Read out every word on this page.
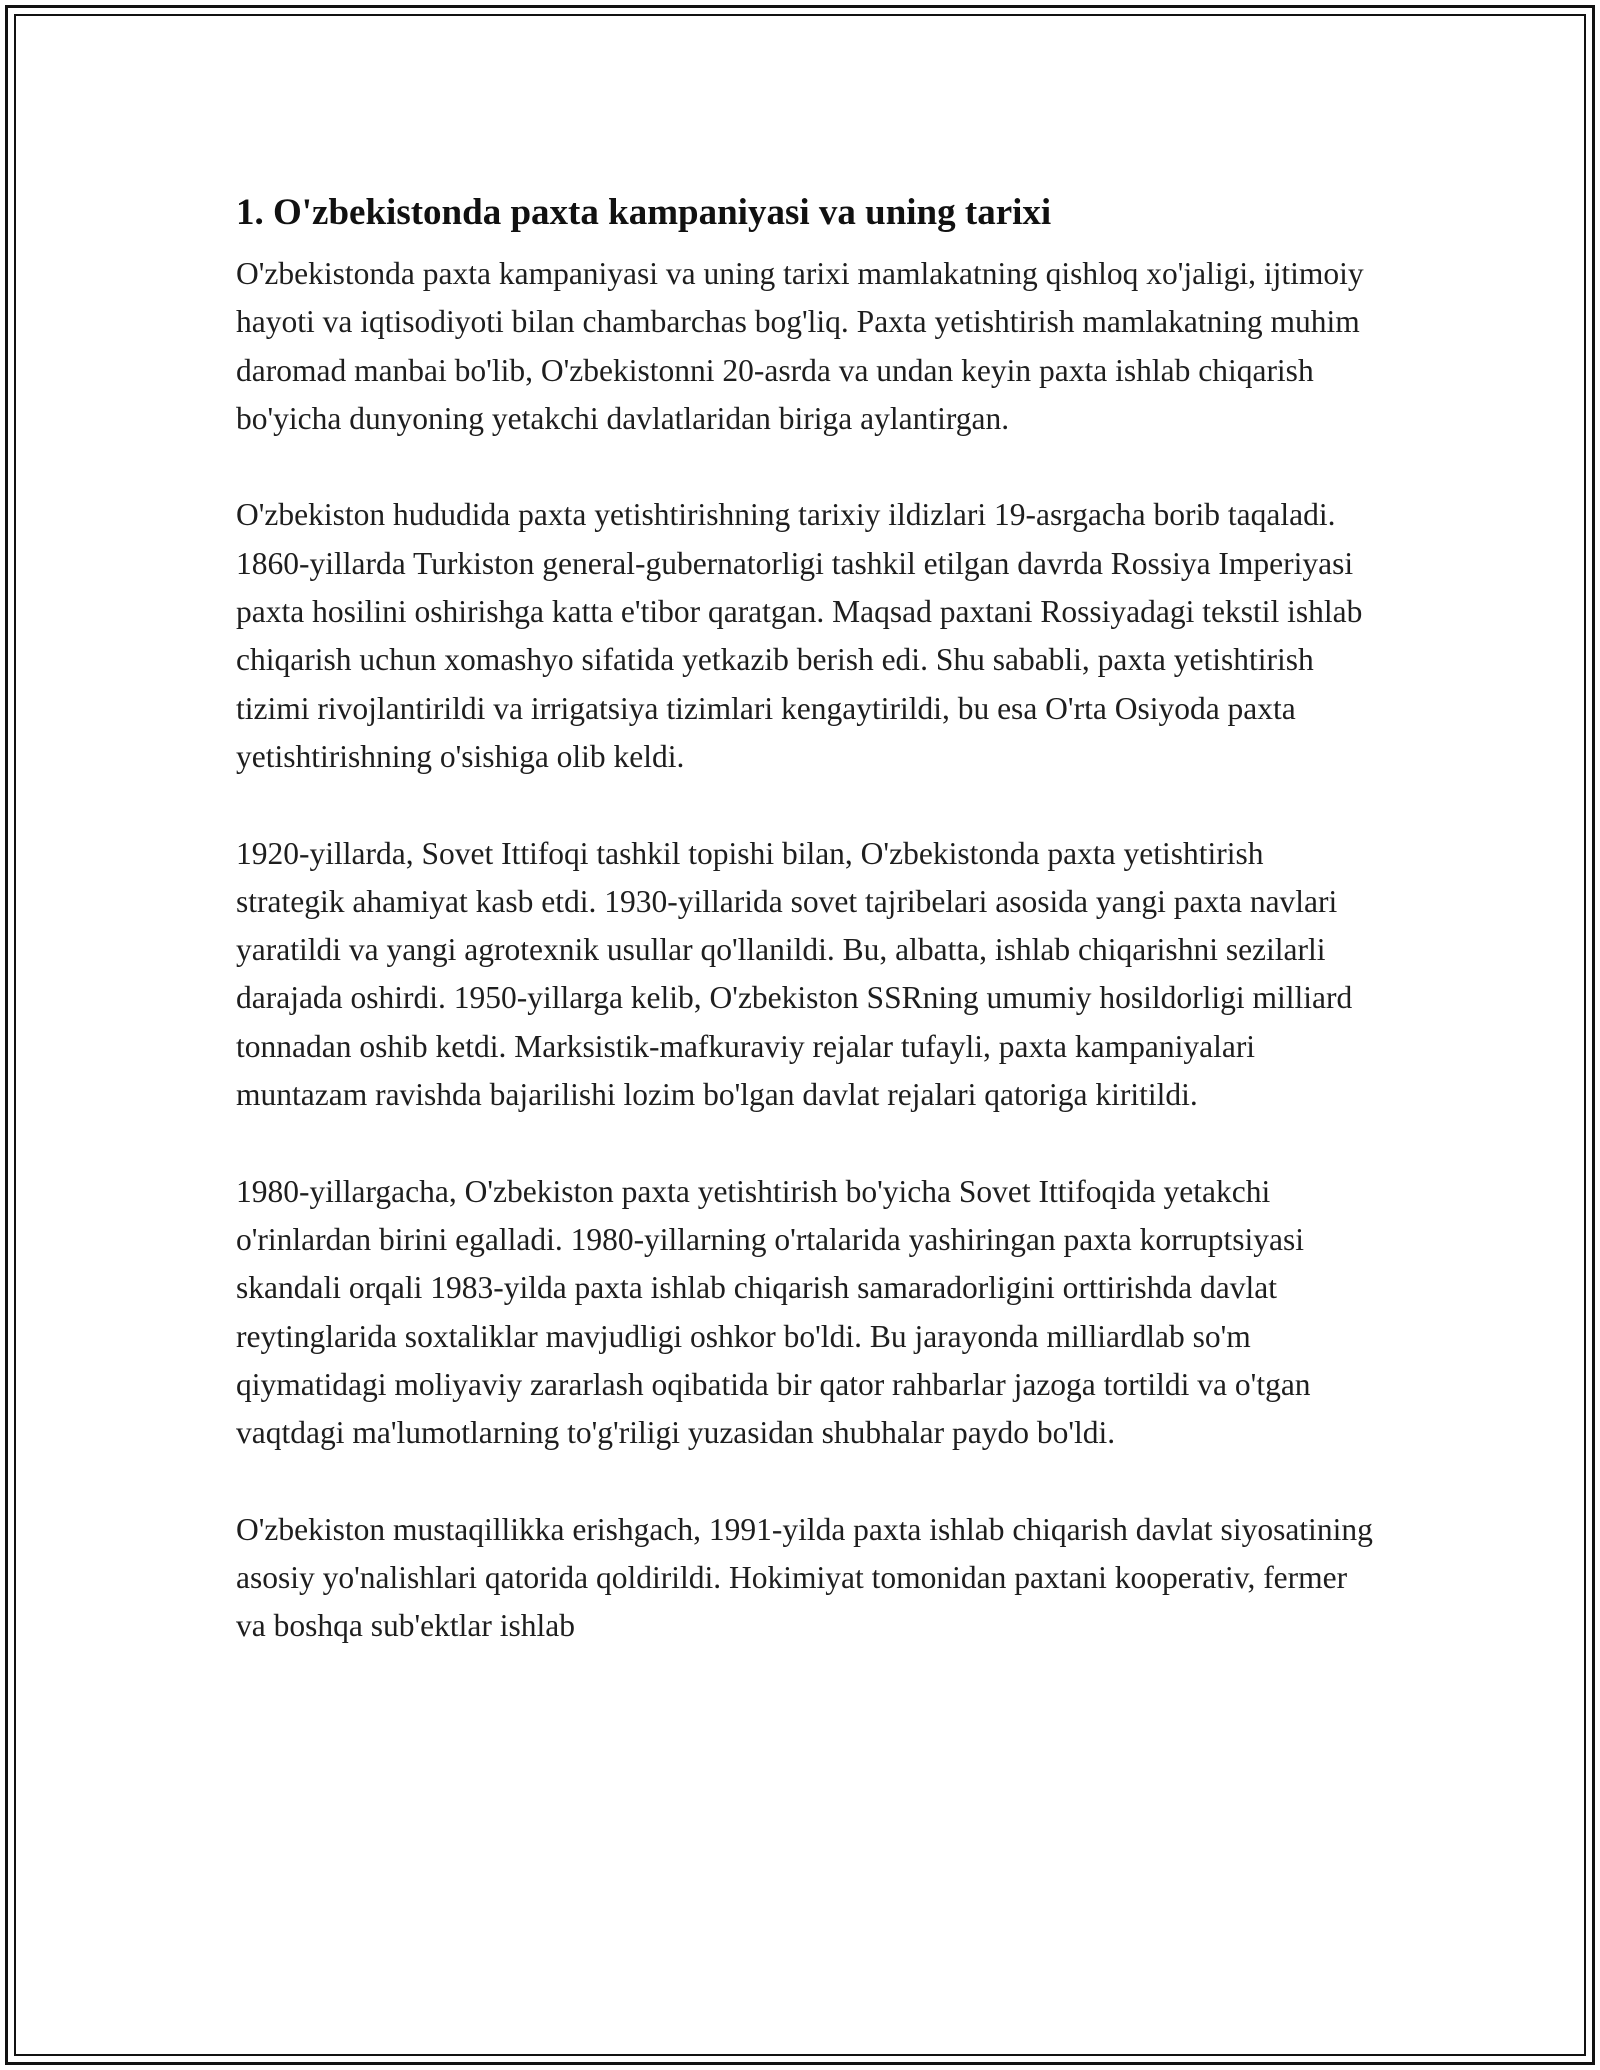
1. O'zbekistonda paxta kampaniyasi va uning tarixi

O'zbekistonda paxta kampaniyasi va uning tarixi mamlakatning qishloq xo'jaligi, ijtimoiy hayoti va iqtisodiyoti bilan chambarchas bog'liq. Paxta yetishtirish mamlakatning muhim daromad manbai bo'lib, O'zbekistonni 20-asrda va undan keyin paxta ishlab chiqarish bo'yicha dunyoning yetakchi davlatlaridan biriga aylantirgan.

O'zbekiston hududida paxta yetishtirishning tarixiy ildizlari 19-asrgacha borib taqaladi. 1860-yillarda Turkiston general-gubernatorligi tashkil etilgan davrda Rossiya Imperiyasi paxta hosilini oshirishga katta e'tibor qaratgan. Maqsad paxtani Rossiyadagi tekstil ishlab chiqarish uchun xomashyo sifatida yetkazib berish edi. Shu sababli, paxta yetishtirish tizimi rivojlantirildi va irrigatsiya tizimlari kengaytirildi, bu esa O'rta Osiyoda paxta yetishtirishning o'sishiga olib keldi.

1920-yillarda, Sovet Ittifoqi tashkil topishi bilan, O'zbekistonda paxta yetishtirish strategik ahamiyat kasb etdi. 1930-yillarida sovet tajribelari asosida yangi paxta navlari yaratildi va yangi agrotexnik usullar qo'llanildi. Bu, albatta, ishlab chiqarishni sezilarli darajada oshirdi. 1950-yillarga kelib, O'zbekiston SSRning umumiy hosildorligi milliard tonnadan oshib ketdi. Marksistik-mafkuraviy rejalar tufayli, paxta kampaniyalari muntazam ravishda bajarilishi lozim bo'lgan davlat rejalari qatoriga kiritildi.

1980-yillargacha, O'zbekiston paxta yetishtirish bo'yicha Sovet Ittifoqida yetakchi o'rinlardan birini egalladi. 1980-yillarning o'rtalarida yashiringan paxta korruptsiyasi skandali orqali 1983-yilda paxta ishlab chiqarish samaradorligini orttirishda davlat reytinglarida soxtaliklar mavjudligi oshkor bo'ldi. Bu jarayonda milliardlab so'm qiymatidagi moliyaviy zararlash oqibatida bir qator rahbarlar jazoga tortildi va o'tgan vaqtdagi ma'lumotlarning to'g'riligi yuzasidan shubhalar paydo bo'ldi.

O'zbekiston mustaqillikka erishgach, 1991-yilda paxta ishlab chiqarish davlat siyosatining asosiy yo'nalishlari qatorida qoldirildi. Hokimiyat tomonidan paxtani kooperativ, fermer va boshqa sub'ektlar ishlab
